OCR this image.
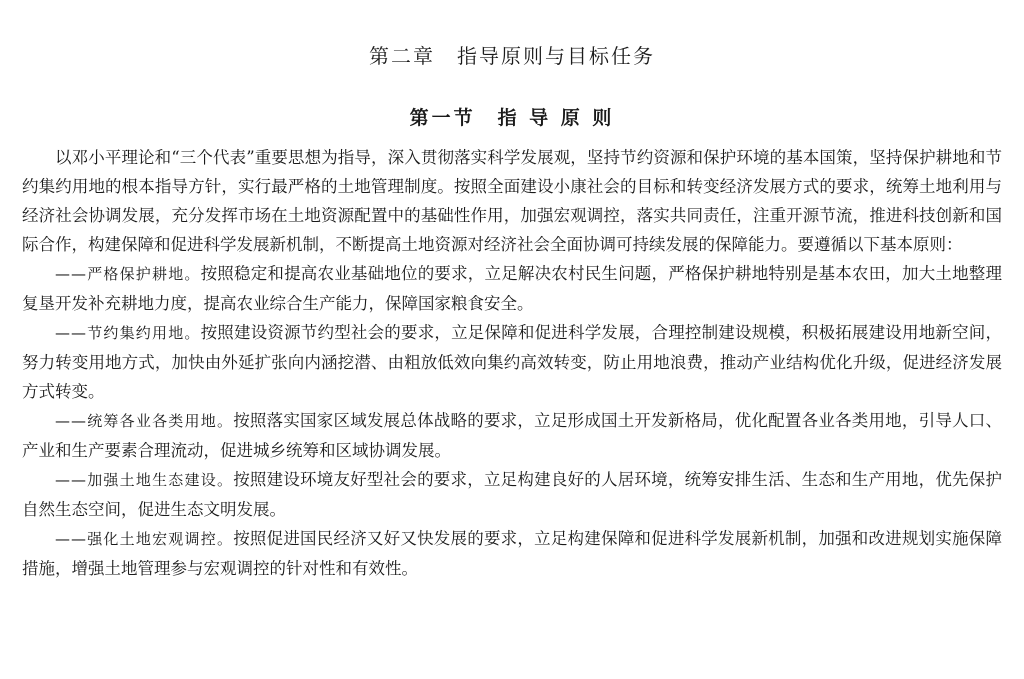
第二章　指导原则与目标任务
第一节　指 导 原 则

以邓小平理论和“三个代表”重要思想为指导，深入贯彻落实科学发展观，坚持节约资源和保护环境的基本国策，坚持保护耕地和节约集约用地的根本指导方针，实行最严格的土地管理制度。按照全面建设小康社会的目标和转变经济发展方式的要求，统筹土地利用与经济社会协调发展，充分发挥市场在土地资源配置中的基础性作用，加强宏观调控，落实共同责任，注重开源节流，推进科技创新和国际合作，构建保障和促进科学发展新机制，不断提高土地资源对经济社会全面协调可持续发展的保障能力。要遵循以下基本原则：

——严格保护耕地。按照稳定和提高农业基础地位的要求，立足解决农村民生问题，严格保护耕地特别是基本农田，加大土地整理复垦开发补充耕地力度，提高农业综合生产能力，保障国家粮食安全。

——节约集约用地。按照建设资源节约型社会的要求，立足保障和促进科学发展，合理控制建设规模，积极拓展建设用地新空间，努力转变用地方式，加快由外延扩张向内涵挖潜、由粗放低效向集约高效转变，防止用地浪费，推动产业结构优化升级，促进经济发展方式转变。

——统筹各业各类用地。按照落实国家区域发展总体战略的要求，立足形成国土开发新格局，优化配置各业各类用地，引导人口、产业和生产要素合理流动，促进城乡统筹和区域协调发展。

——加强土地生态建设。按照建设环境友好型社会的要求，立足构建良好的人居环境，统筹安排生活、生态和生产用地，优先保护自然生态空间，促进生态文明发展。

——强化土地宏观调控。按照促进国民经济又好又快发展的要求，立足构建保障和促进科学发展新机制，加强和改进规划实施保障措施，增强土地管理参与宏观调控的针对性和有效性。
